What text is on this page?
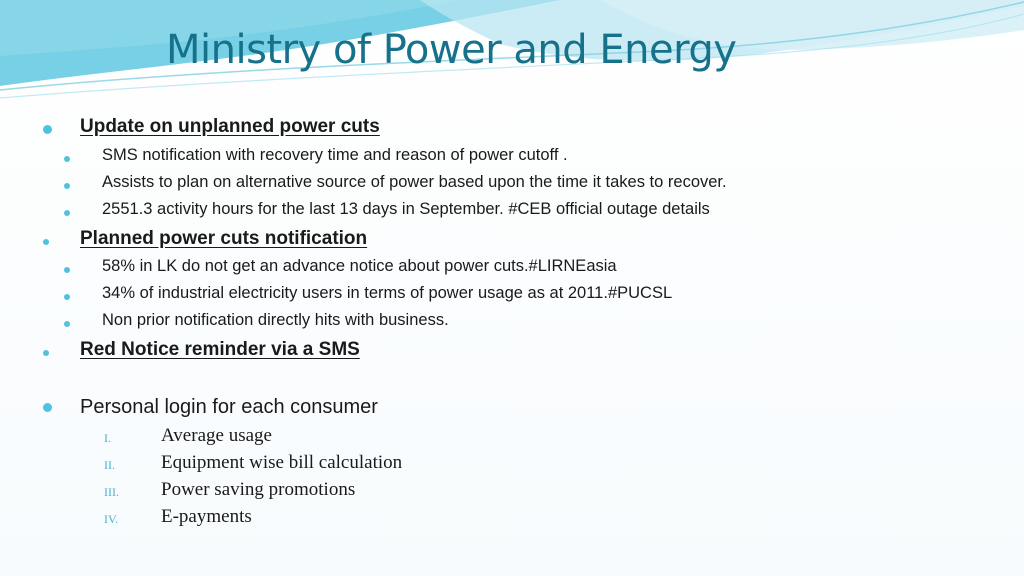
Ministry of Power and Energy
Update on unplanned power cuts
SMS notification with recovery time and reason of power cutoff .
Assists to plan on alternative source of power based upon the time it takes to recover.
2551.3 activity hours for the last 13 days in September. #CEB official outage details
Planned power cuts notification
58% in LK do not get an advance notice about power cuts.#LIRNEasia
34% of industrial electricity users in terms of power usage as at 2011.#PUCSL
Non prior notification directly hits with business.
Red Notice reminder via a SMS
Personal login for each consumer
I.	Average usage
II.	Equipment wise bill calculation
III.	Power saving promotions
IV.	E-payments
